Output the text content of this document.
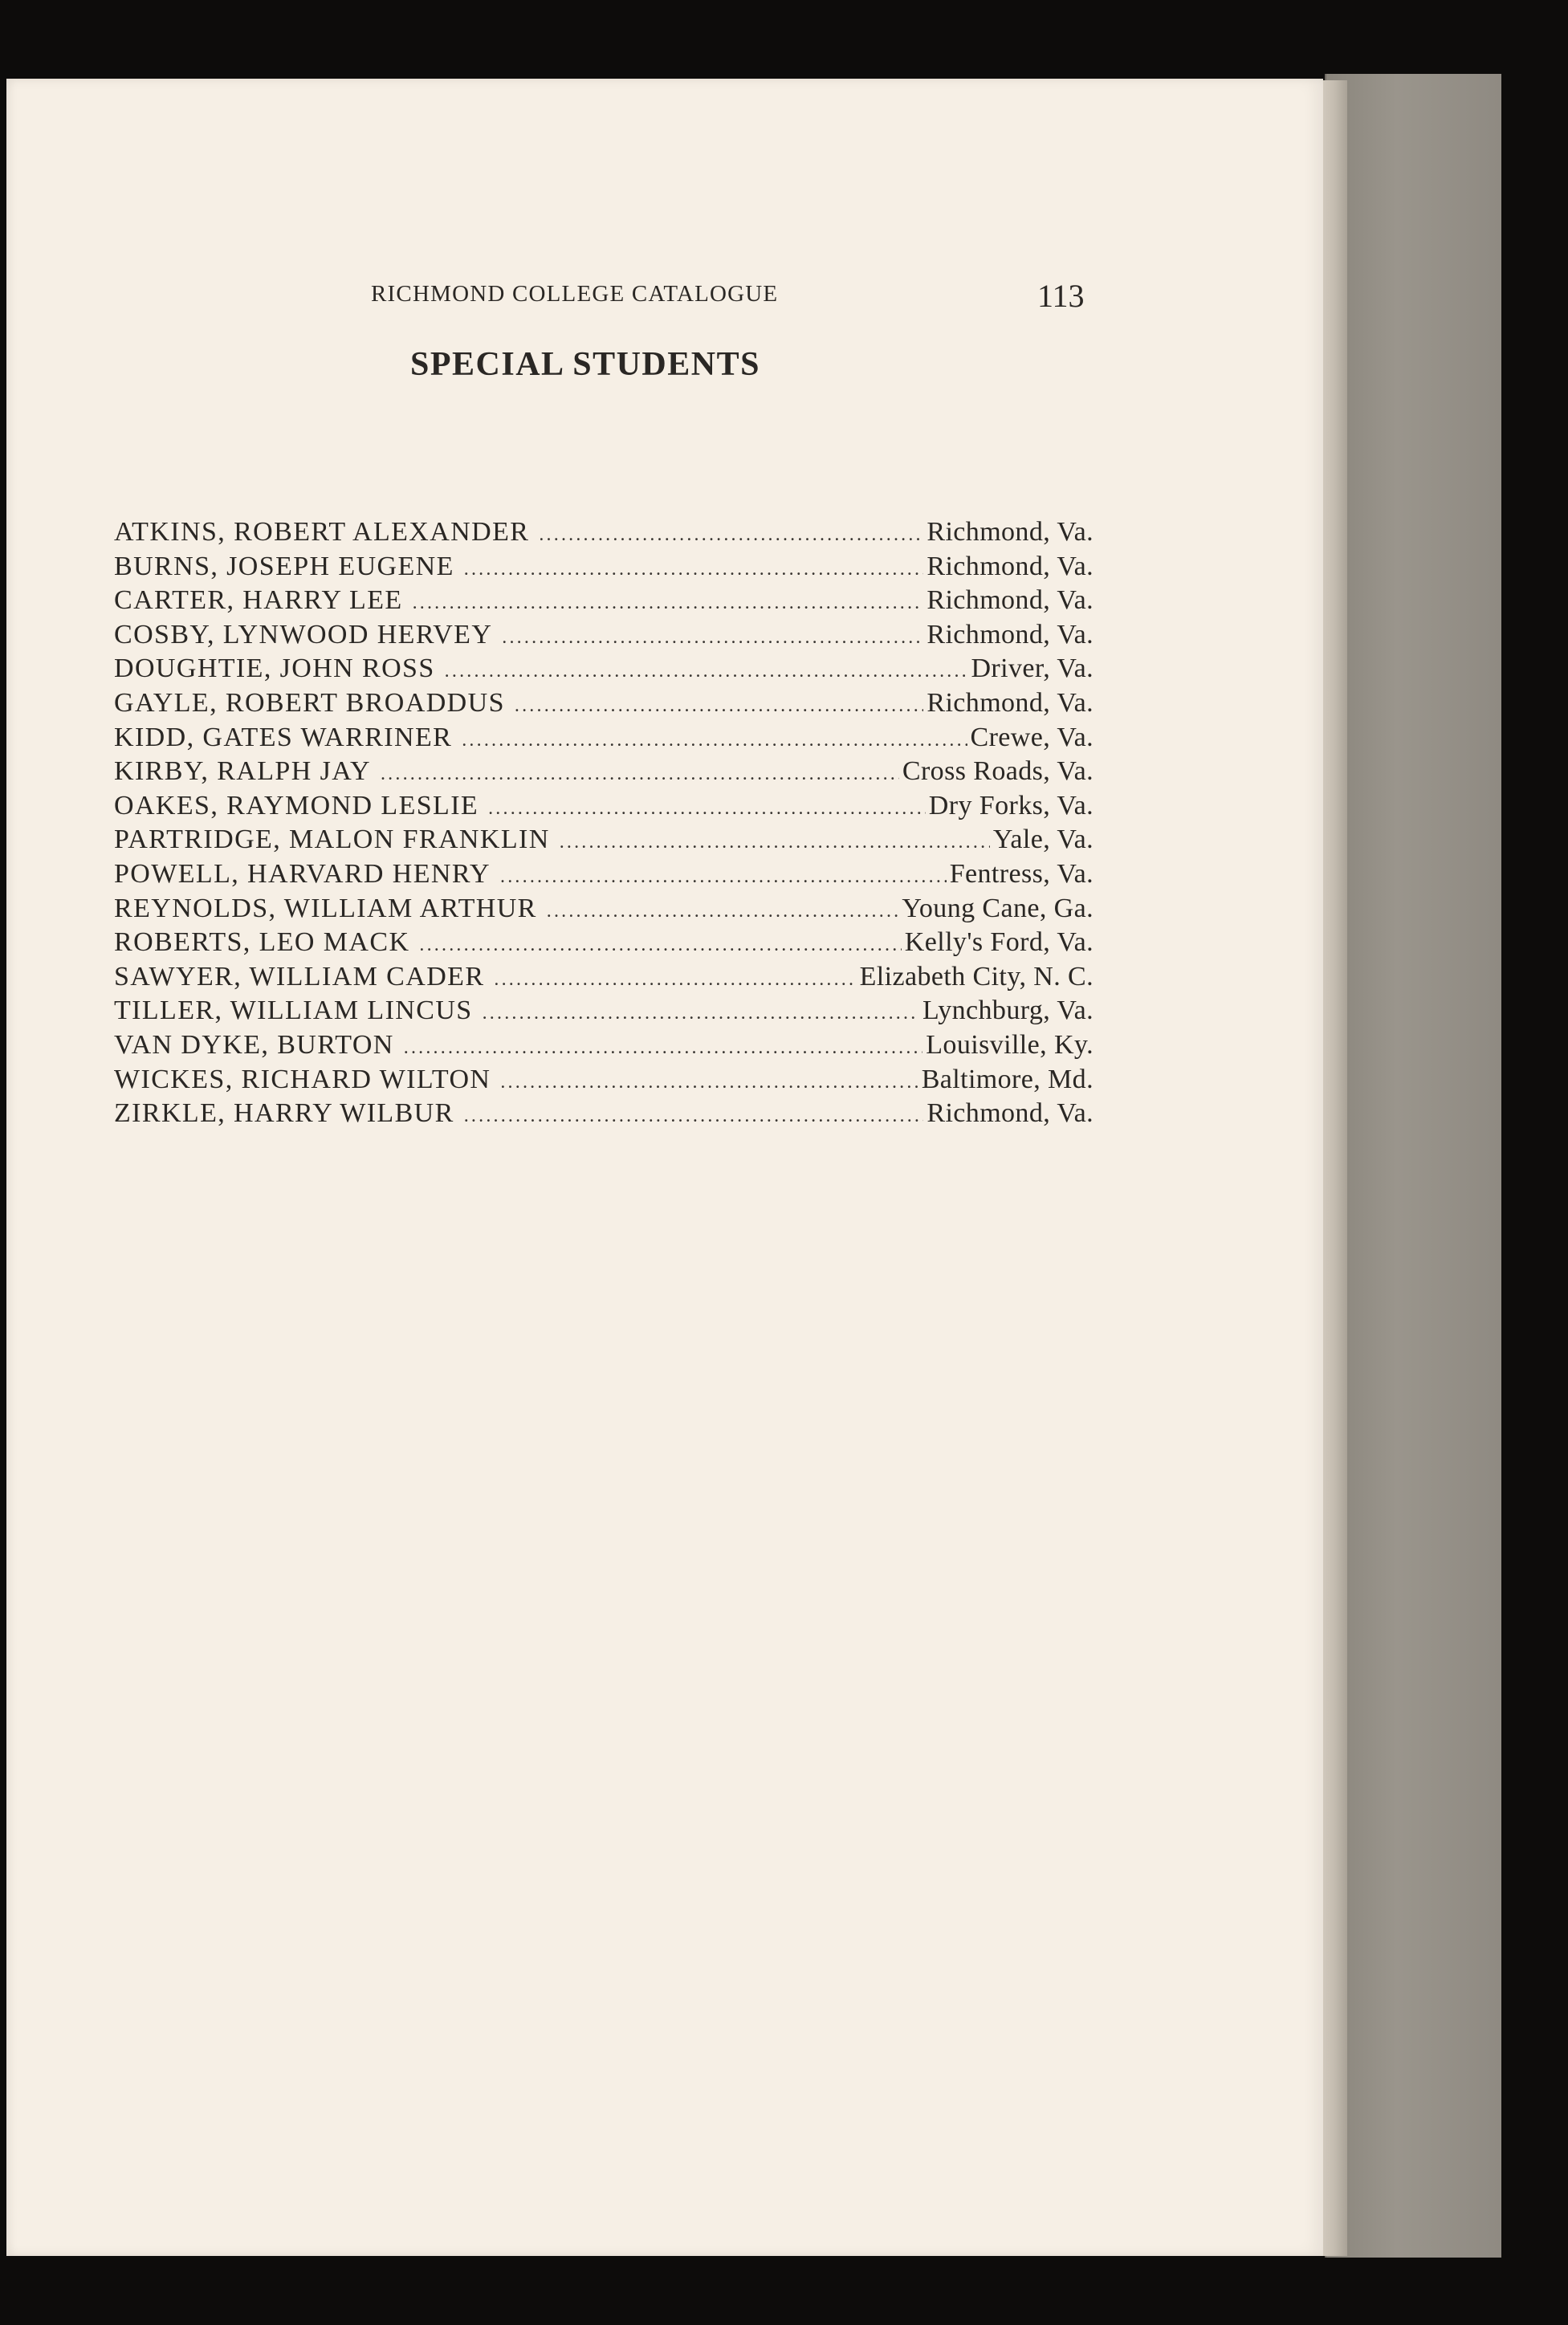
RICHMOND COLLEGE CATALOGUE	113
SPECIAL STUDENTS
ATKINS, ROBERT ALEXANDER .....	Richmond, Va.
BURNS, JOSEPH EUGENE .....	Richmond, Va.
CARTER, HARRY LEE .....	Richmond, Va.
COSBY, LYNWOOD HERVEY .....	Richmond, Va.
DOUGHTIE, JOHN ROSS .....	Driver, Va.
GAYLE, ROBERT BROADDUS .....	Richmond, Va.
KIDD, GATES WARRINER .....	Crewe, Va.
KIRBY, RALPH JAY .....	Cross Roads, Va.
OAKES, RAYMOND LESLIE .....	Dry Forks, Va.
PARTRIDGE, MALON FRANKLIN .....	Yale, Va.
POWELL, HARVARD HENRY .....	Fentress, Va.
REYNOLDS, WILLIAM ARTHUR .....	Young Cane, Ga.
ROBERTS, LEO MACK .....	Kelly's Ford, Va.
SAWYER, WILLIAM CADER .....	Elizabeth City, N. C.
TILLER, WILLIAM LINCUS .....	Lynchburg, Va.
VAN DYKE, BURTON .....	Louisville, Ky.
WICKES, RICHARD WILTON .....	Baltimore, Md.
ZIRKLE, HARRY WILBUR .....	Richmond, Va.
